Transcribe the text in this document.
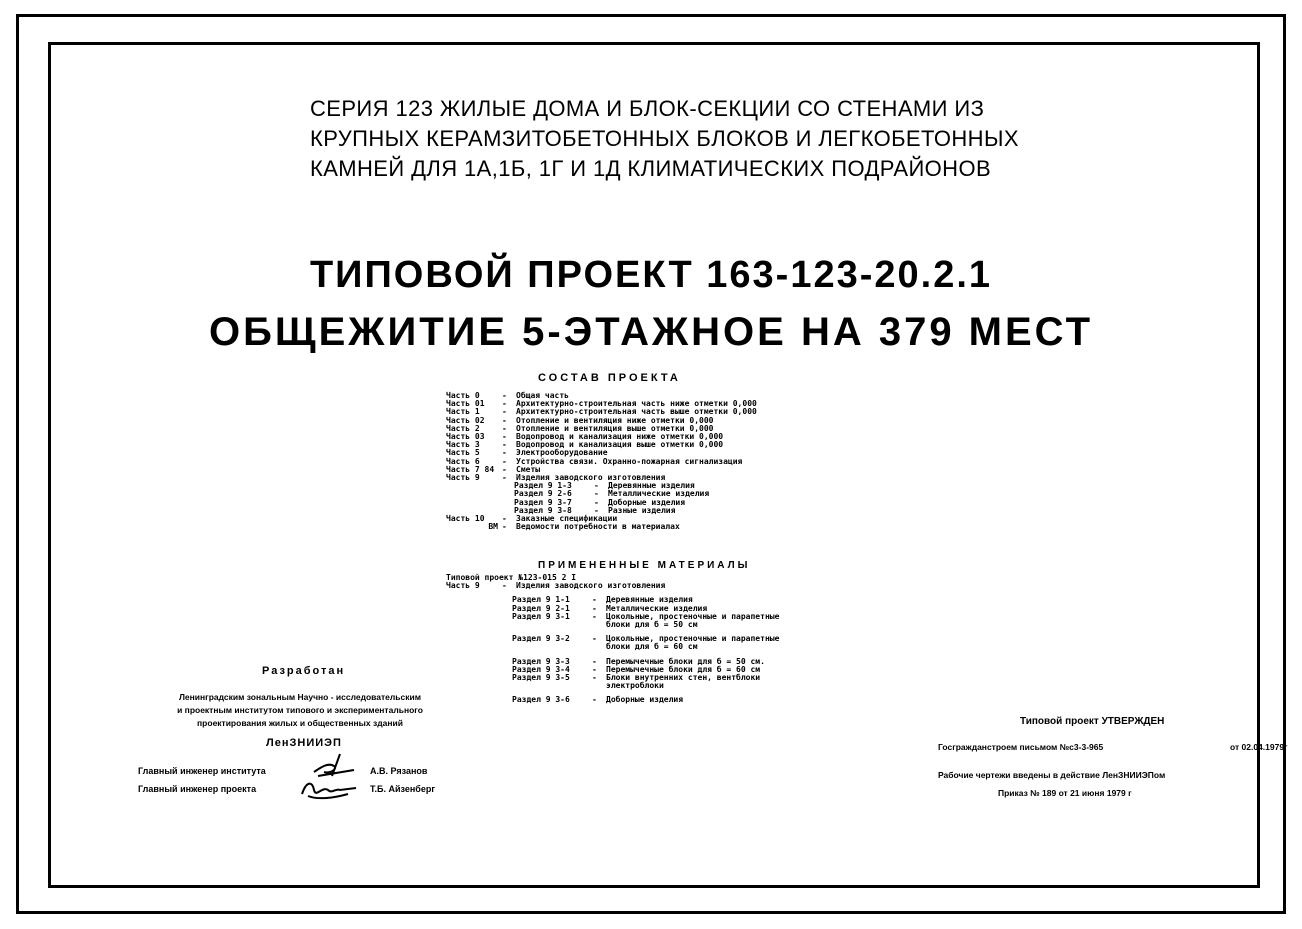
СЕРИЯ 123 ЖИЛЫЕ ДОМА И БЛОК-СЕКЦИИ СО СТЕНАМИ ИЗ
КРУПНЫХ КЕРАМЗИТОБЕТОННЫХ БЛОКОВ И ЛЕГКОБЕТОННЫХ
КАМНЕЙ ДЛЯ 1А,1Б, 1Г И 1Д КЛИМАТИЧЕСКИХ ПОДРАЙОНОВ
ТИПОВОЙ ПРОЕКТ 163-123-20.2.1
ОБЩЕЖИТИЕ 5-ЭТАЖНОЕ НА 379 МЕСТ
СОСТАВ ПРОЕКТА
Часть 0	-	Общая часть
Часть 01	-	Архитектурно-строительная часть ниже отметки 0,000
Часть 1	-	Архитектурно-строительная часть выше отметки 0,000
Часть 02	-	Отопление и вентиляция ниже отметки 0,000
Часть 2	-	Отопление и вентиляция выше отметки 0,000
Часть 03	-	Водопровод и канализация ниже отметки 0,000
Часть 3	-	Водопровод и канализация выше отметки 0,000
Часть 5	-	Электрооборудование
Часть 6	-	Устройства связи. Охранно-пожарная сигнализация
Часть 7 84 -	Сметы
Часть 9	-	Изделия заводского изготовления
Раздел 9 1-3	-	Деревянные изделия
Раздел 9 2-6	-	Металлические изделия
Раздел 9 3-7	-	Доборные изделия
Раздел 9 3-8	-	Разные изделия
Часть 10	-	Заказные спецификации
ВМ -	Ведомости потребности в материалах
ПРИМЕНЕННЫЕ МАТЕРИАЛЫ
Типовой проект №123-015 2 I
Часть 9	-	Изделия заводского изготовления
Раздел 9 1-1	-	Деревянные изделия
Раздел 9 2-1	-	Металлические изделия
Раздел 9 3-1	-	Цокольные, простеночные и парапетные
блоки для б = 50 см
Раздел 9 3-2	-	Цокольные, простеночные и парапетные
блоки для б = 60 см
Раздел 9 3-3	-	Перемычечные блоки для б = 50 см.
Раздел 9 3-4	-	Перемычечные блоки для б = 60 см
Раздел 9 3-5	-	Блоки внутренних стен, вентблоки
электроблоки
Раздел 9 3-6	-	Доборные изделия
Разработан
Ленинградским зональным Научно - исследовательским
и проектным институтом типового и экспериментального
проектирования жилых и общественных зданий
ЛенЗНИИЭП
Главный инженер института	А.В. Рязанов
Главный инженер проекта	Т.Б. Айзенберг
Типовой проект УТВЕРЖДЕН
Госгражданстроем письмом №с3-3-965	от 02.04.1979г
Рабочие чертежи введены в действие ЛенЗНИИЭПом
Приказ № 189 от 21 июня 1979 г
